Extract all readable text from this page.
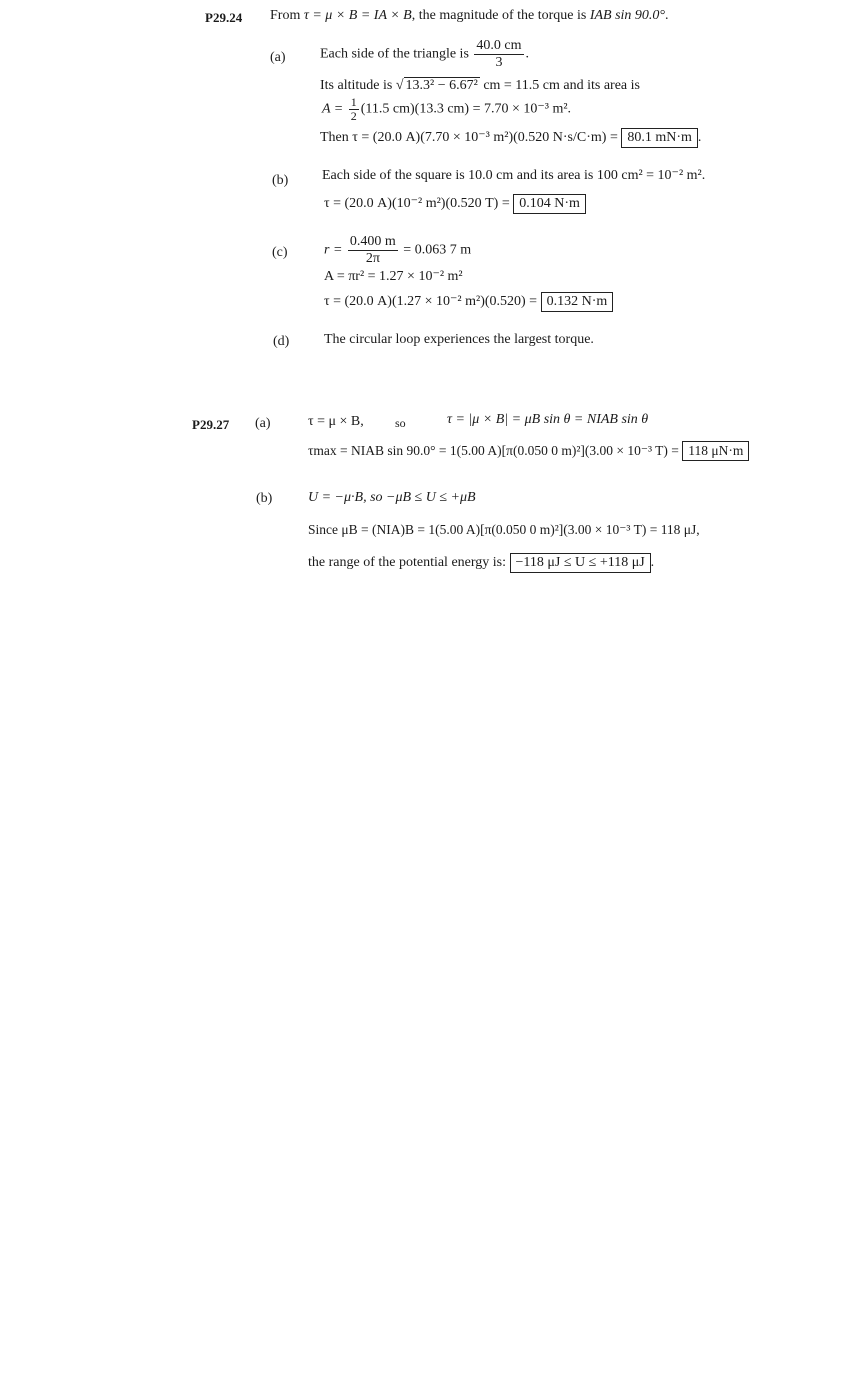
P29.24 From τ = μ × B = IA × B, the magnitude of the torque is IAB sin 90.0°.
(a) Each side of the triangle is $\frac{40.0 cm}{3}$ .
Its altitude is √ 13.3² − 6.67² cm = 11.5 cm and its area is
$A = \frac{1}{2} (11.5$ cm)(13.3 cm) = 7.70 × 10⁻³ m².
Then τ = (20.0 A)(7.70 × 10⁻³ m²)(0.520 N·s/C·m) = 80.1 mN·m .
(b) Each side of the square is 10.0 cm and its area is 100 cm² = 10⁻² m².
τ = (20.0 A)(10⁻² m²)(0.520 T) = 0.104 N·m
(c)	$r = \frac{0.400 m}{2\pi} = 0.063$ 7 m
A = πr² = 1.27 × 10⁻² m²
τ = (20.0 A)(1.27 × 10⁻² m²)(0.520) = 0.132 N·m
(d) The circular loop experiences the largest torque.
P29.27 (a)	τ = μ × B,	so	τ = |μ × B| = μB sin θ = NIAB sin θ
τmax = NIAB sin 90.0° = 1(5.00 A)[π(0.050 0 m)²](3.00 × 10⁻³ T) = 118 μN·m
(b)	U = −μ·B, so −μB ≤ U ≤ +μB
Since μB = (NIA)B = 1(5.00 A)[π(0.050 0 m)²](3.00 × 10⁻³ T) = 118 μJ,
the range of the potential energy is: −118 μJ ≤ U ≤ +118 μJ .
